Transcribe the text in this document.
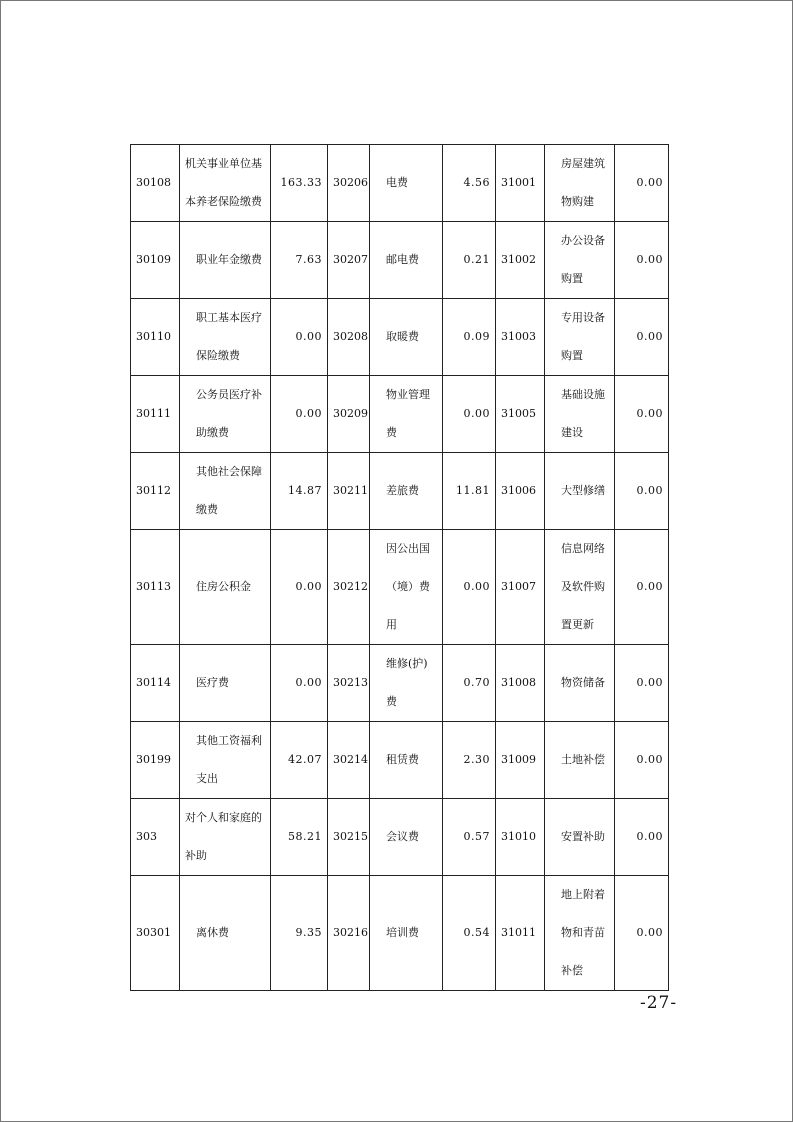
30108	机关事业单位基本养老保险缴费	163.33	30206	电费	4.56	31001	房屋建筑物购建	0.00
30109	职业年金缴费	7.63	30207	邮电费	0.21	31002	办公设备购置	0.00
30110	职工基本医疗保险缴费	0.00	30208	取暖费	0.09	31003	专用设备购置	0.00
30111	公务员医疗补助缴费	0.00	30209	物业管理费	0.00	31005	基础设施建设	0.00
30112	其他社会保障缴费	14.87	30211	差旅费	11.81	31006	大型修缮	0.00
30113	住房公积金	0.00	30212	因公出国（境）费用	0.00	31007	信息网络及软件购置更新	0.00
30114	医疗费	0.00	30213	维修(护)费	0.70	31008	物资储备	0.00
30199	其他工资福利支出	42.07	30214	租赁费	2.30	31009	土地补偿	0.00
303	对个人和家庭的补助	58.21	30215	会议费	0.57	31010	安置补助	0.00
30301	离休费	9.35	30216	培训费	0.54	31011	地上附着物和青苗补偿	0.00
-27-
